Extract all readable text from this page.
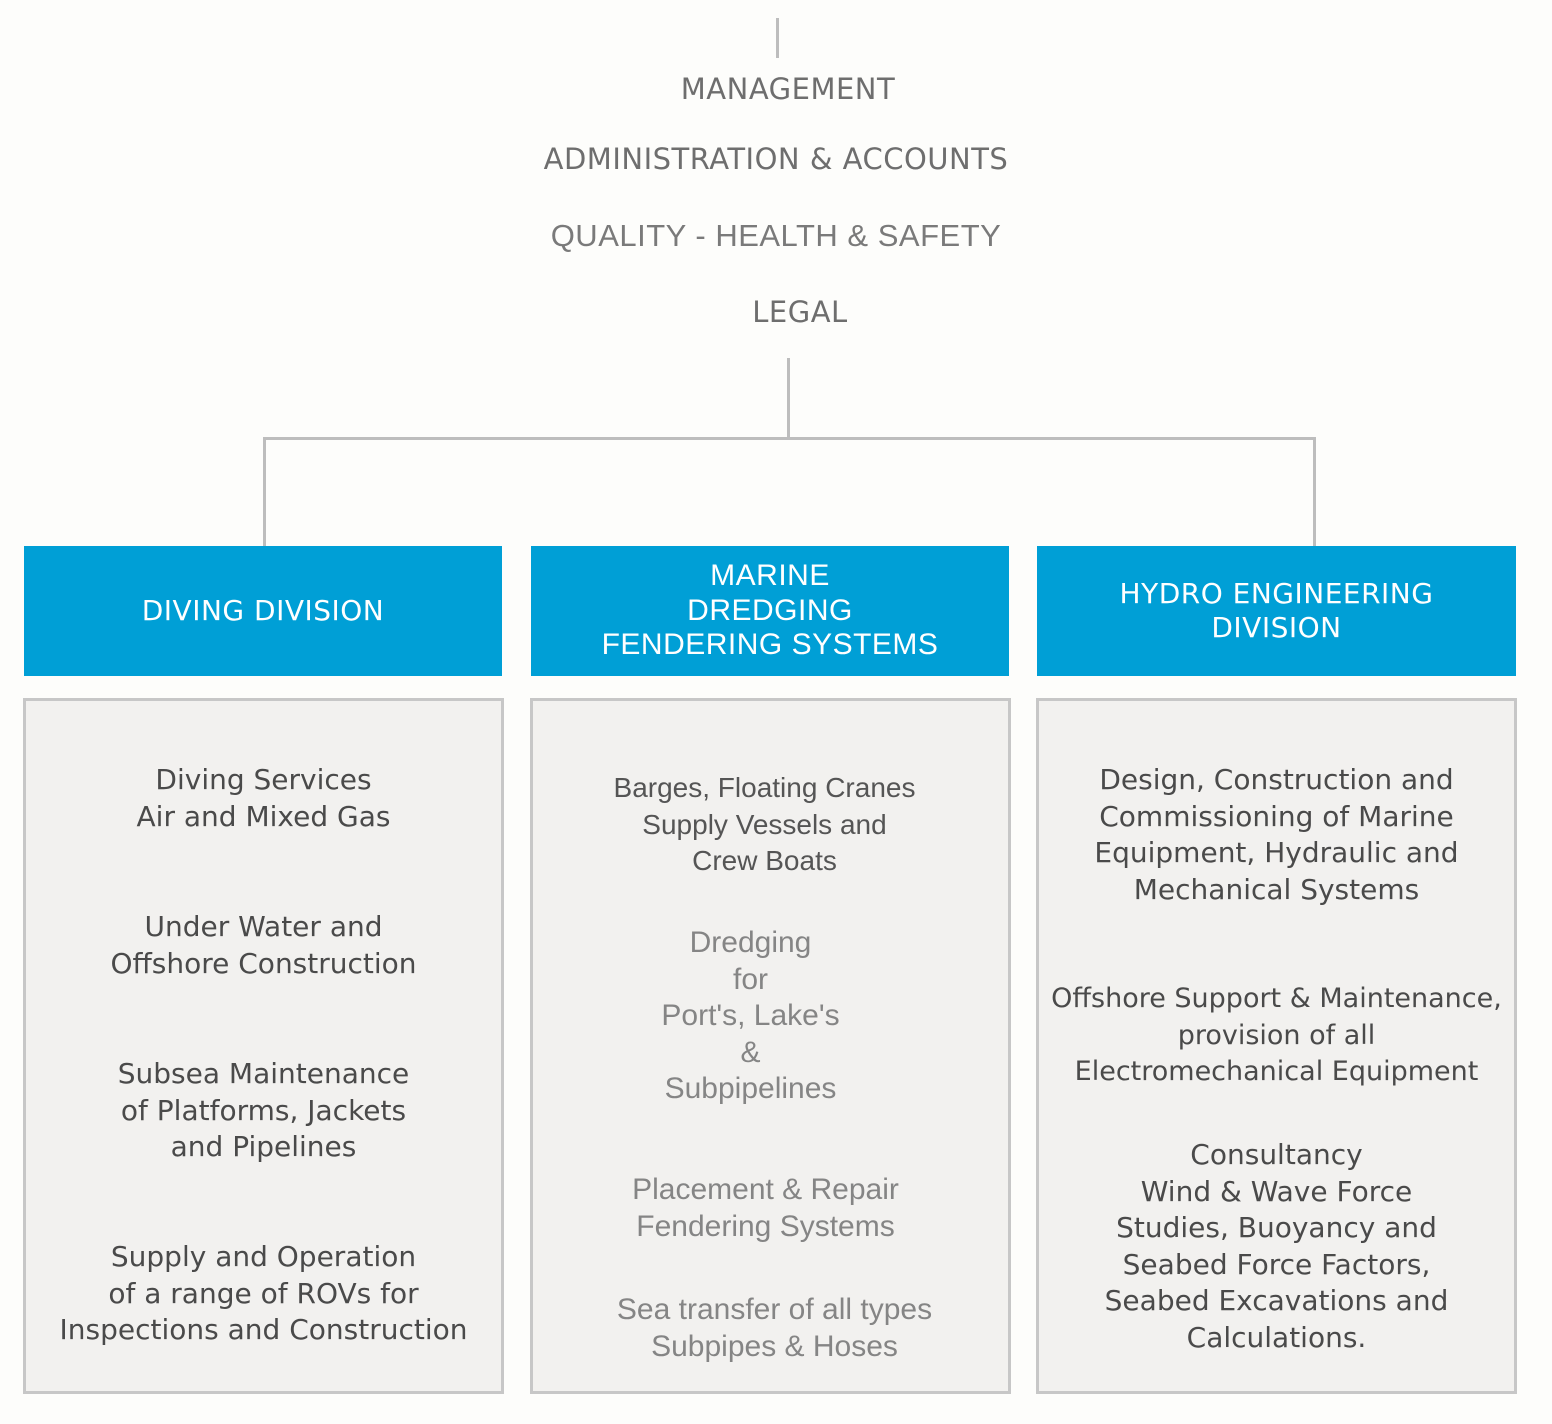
MANAGEMENT
ADMINISTRATION & ACCOUNTS
QUALITY - HEALTH & SAFETY
LEGAL
DIVING DIVISION
MARINE
DREDGING
FENDERING SYSTEMS
HYDRO ENGINEERING
DIVISION
Diving Services
Air and Mixed Gas
Under Water and
Offshore Construction
Subsea Maintenance
of Platforms, Jackets
and Pipelines
Supply and Operation
of a range of ROVs for
Inspections and Construction
Barges, Floating Cranes
Supply Vessels and
Crew Boats
Dredging
for
Port's, Lake's
&
Subpipelines
Placement & Repair
Fendering Systems
Sea transfer of all types
Subpipes & Hoses
Design, Construction and
Commissioning of Marine
Equipment, Hydraulic and
Mechanical Systems
Offshore Support & Maintenance,
provision of all
Electromechanical Equipment
Consultancy
Wind & Wave Force
Studies, Buoyancy and
Seabed Force Factors,
Seabed Excavations and
Calculations.
